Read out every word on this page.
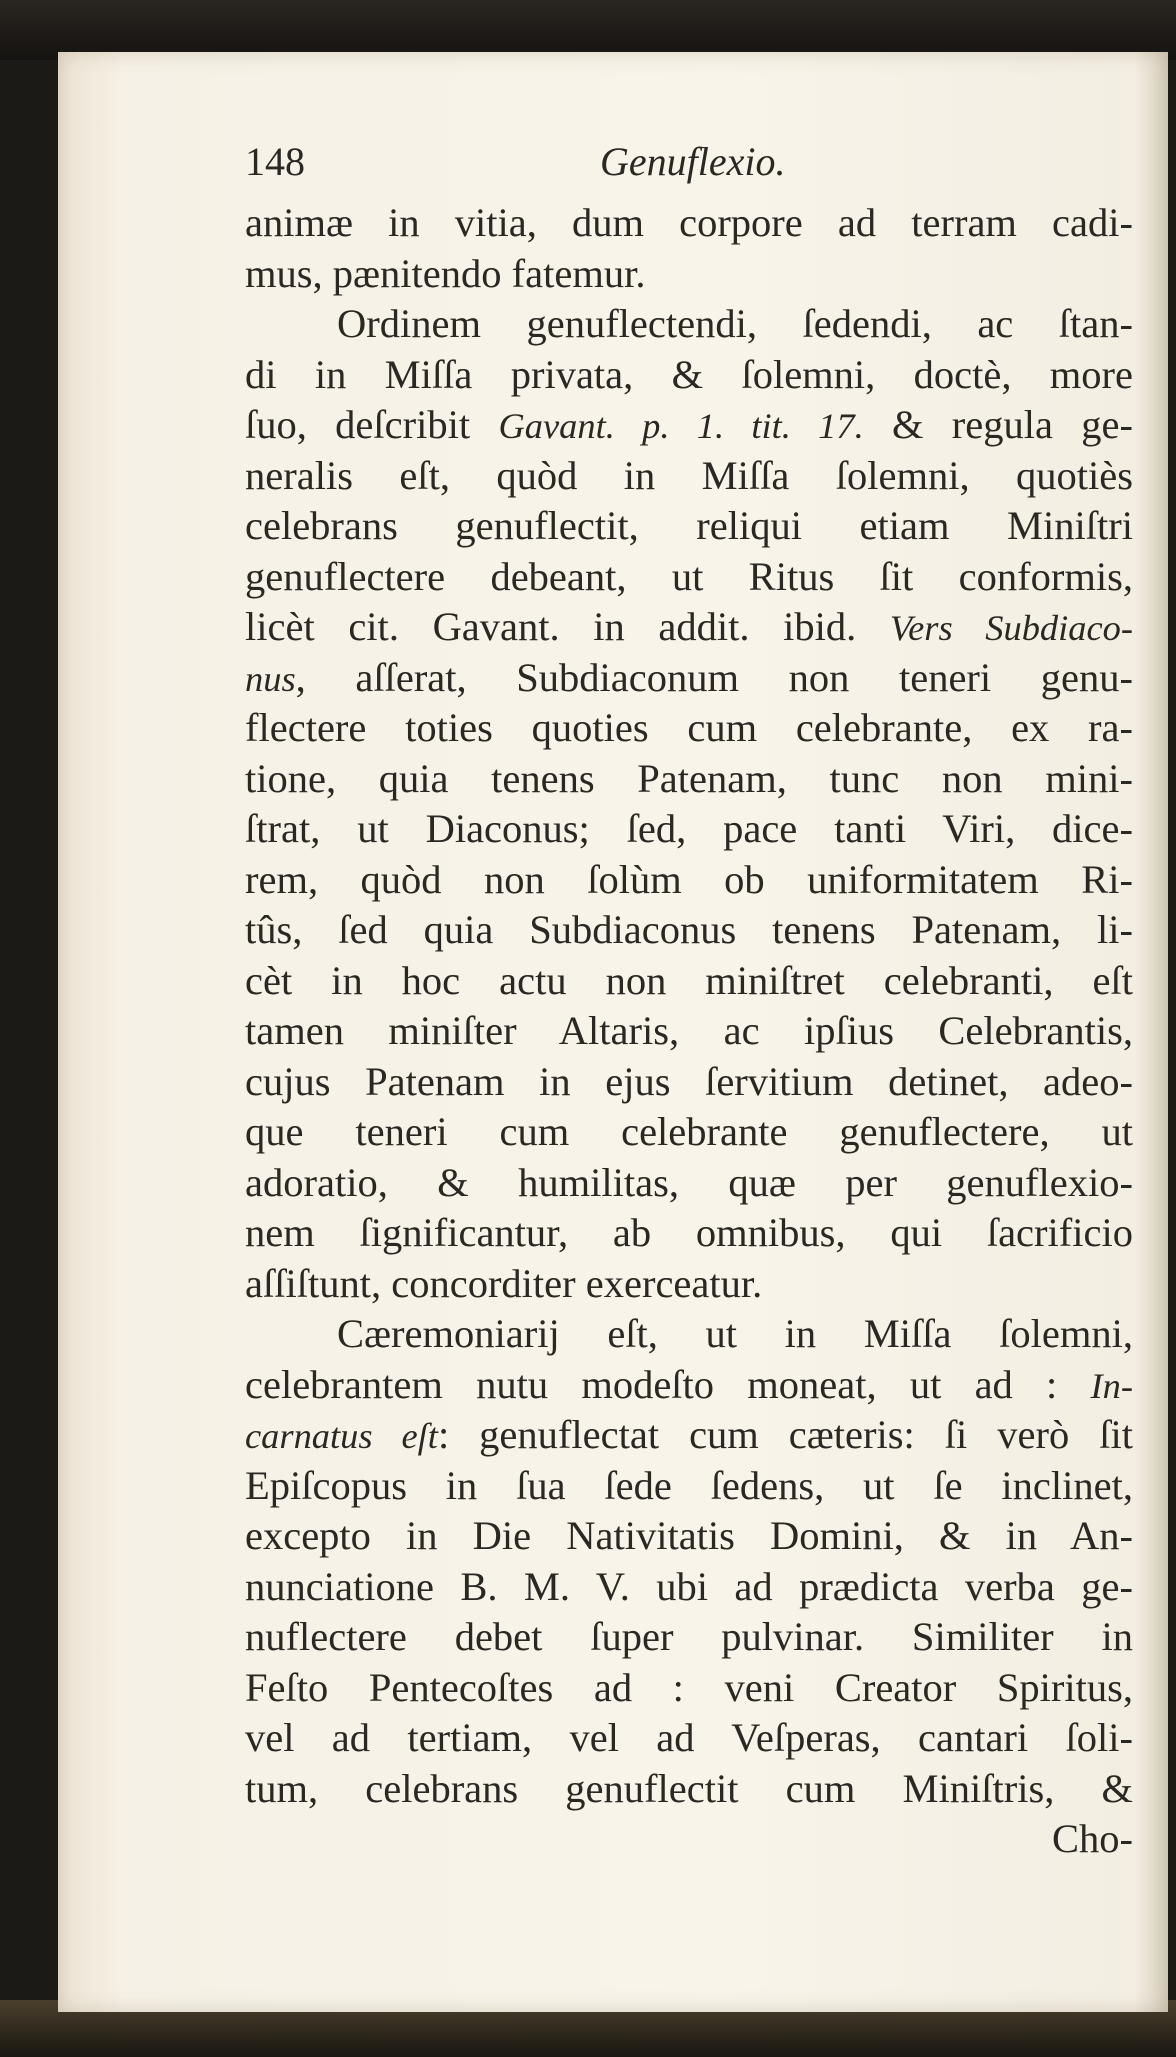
148	Genuflexio.
animæ in vitia, dum corpore ad terram cadi-
mus, pænitendo fatemur.
Ordinem genuflectendi, ſedendi, ac ſtan-
di in Miſſa privata, & ſolemni, doctè, more
ſuo, deſcribit Gavant. p. 1. tit. 17. & regula ge-
neralis eſt, quòd in Miſſa ſolemni, quotiès
celebrans genuflectit, reliqui etiam Miniſtri
genuflectere debeant, ut Ritus ſit conformis,
licèt cit. Gavant. in addit. ibid. Vers Subdiaco-
nus, aſſerat, Subdiaconum non teneri genu-
flectere toties quoties cum celebrante, ex ra-
tione, quia tenens Patenam, tunc non mini-
ſtrat, ut Diaconus; ſed, pace tanti Viri, dice-
rem, quòd non ſolùm ob uniformitatem Ri-
tûs, ſed quia Subdiaconus tenens Patenam, li-
cèt in hoc actu non miniſtret celebranti, eſt
tamen miniſter Altaris, ac ipſius Celebrantis,
cujus Patenam in ejus ſervitium detinet, adeo-
que teneri cum celebrante genuflectere, ut
adoratio, & humilitas, quæ per genuflexio-
nem ſignificantur, ab omnibus, qui ſacrificio
aſſiſtunt, concorditer exerceatur.
Cæremoniarij eſt, ut in Miſſa ſolemni,
celebrantem nutu modeſto moneat, ut ad : In-
carnatus eſt: genuflectat cum cæteris: ſi verò ſit
Epiſcopus in ſua ſede ſedens, ut ſe inclinet,
excepto in Die Nativitatis Domini, & in An-
nunciatione B. M. V. ubi ad prædicta verba ge-
nuflectere debet ſuper pulvinar. Similiter in
Feſto Pentecoſtes ad : veni Creator Spiritus,
vel ad tertiam, vel ad Veſperas, cantari ſoli-
tum, celebrans genuflectit cum Miniſtris, &
Cho-
